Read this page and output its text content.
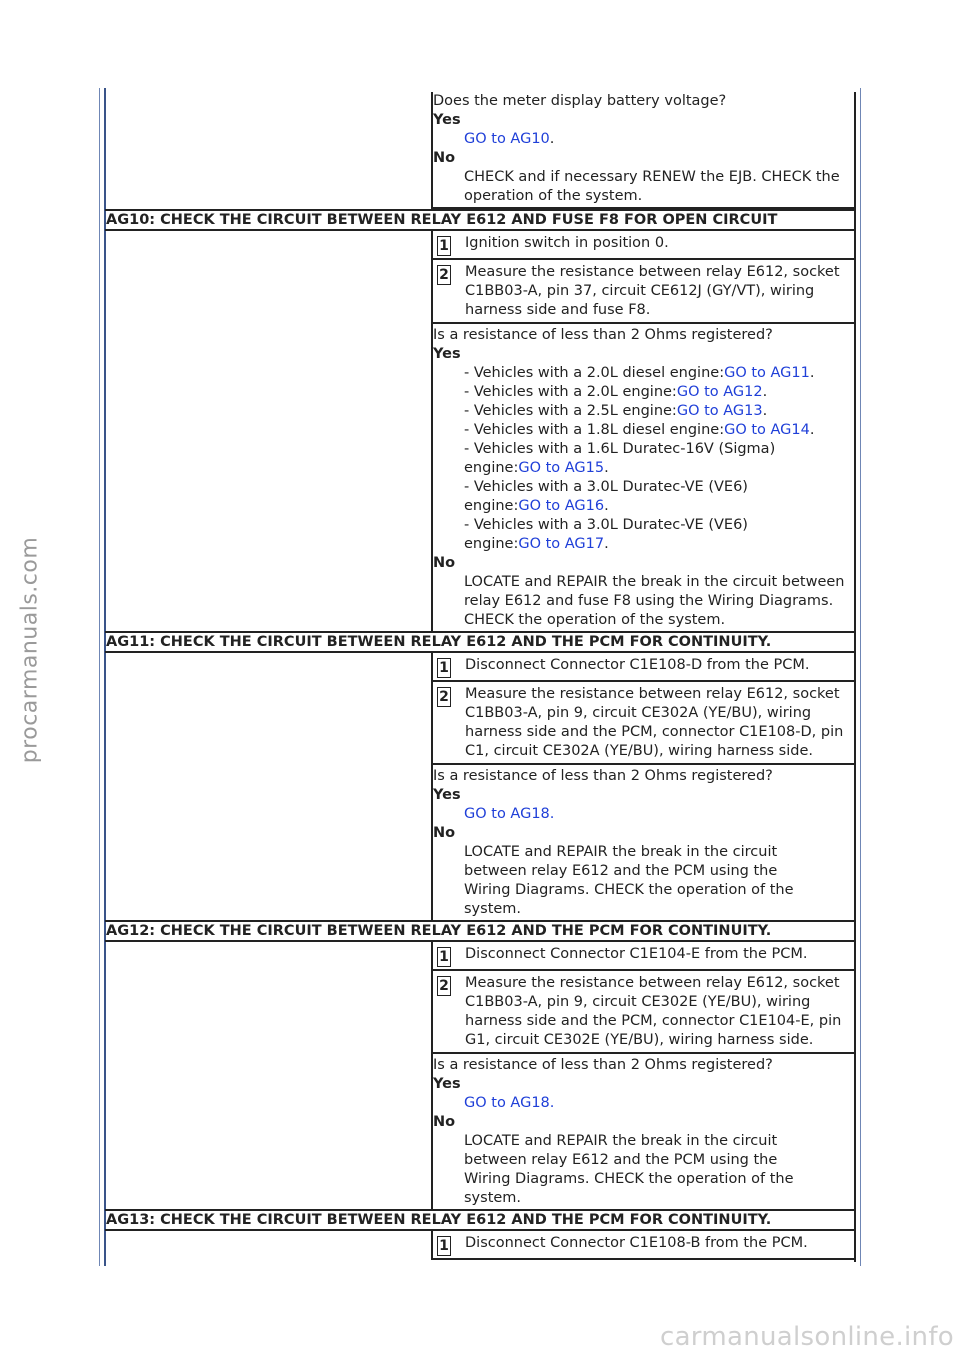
procarmanuals.com
carmanualsonline.info
Does the meter display battery voltage?
Yes
GO to AG10.
No
CHECK and if necessary RENEW the EJB. CHECK the operation of the system.
AG10: CHECK THE CIRCUIT BETWEEN RELAY E612 AND FUSE F8 FOR OPEN CIRCUIT
1	Ignition switch in position 0.
2	Measure the resistance between relay E612, socket C1BB03-A, pin 37, circuit CE612J (GY/VT), wiring harness side and fuse F8.
Is a resistance of less than 2 Ohms registered?
Yes
- Vehicles with a 2.0L diesel engine:GO to AG11.
- Vehicles with a 2.0L engine:GO to AG12.
- Vehicles with a 2.5L engine:GO to AG13.
- Vehicles with a 1.8L diesel engine:GO to AG14.
- Vehicles with a 1.6L Duratec-16V (Sigma) engine:GO to AG15.
- Vehicles with a 3.0L Duratec-VE (VE6) engine:GO to AG16.
- Vehicles with a 3.0L Duratec-VE (VE6) engine:GO to AG17.
No
LOCATE and REPAIR the break in the circuit between relay E612 and fuse F8 using the Wiring Diagrams. CHECK the operation of the system.
AG11: CHECK THE CIRCUIT BETWEEN RELAY E612 AND THE PCM FOR CONTINUITY.
1	Disconnect Connector C1E108-D from the PCM.
2	Measure the resistance between relay E612, socket C1BB03-A, pin 9, circuit CE302A (YE/BU), wiring harness side and the PCM, connector C1E108-D, pin C1, circuit CE302A (YE/BU), wiring harness side.
Is a resistance of less than 2 Ohms registered?
Yes
GO to AG18.
No
LOCATE and REPAIR the break in the circuit between relay E612 and the PCM using the Wiring Diagrams. CHECK the operation of the system.
AG12: CHECK THE CIRCUIT BETWEEN RELAY E612 AND THE PCM FOR CONTINUITY.
1	Disconnect Connector C1E104-E from the PCM.
2	Measure the resistance between relay E612, socket C1BB03-A, pin 9, circuit CE302E (YE/BU), wiring harness side and the PCM, connector C1E104-E, pin G1, circuit CE302E (YE/BU), wiring harness side.
Is a resistance of less than 2 Ohms registered?
Yes
GO to AG18.
No
LOCATE and REPAIR the break in the circuit between relay E612 and the PCM using the Wiring Diagrams. CHECK the operation of the system.
AG13: CHECK THE CIRCUIT BETWEEN RELAY E612 AND THE PCM FOR CONTINUITY.
1	Disconnect Connector C1E108-B from the PCM.
